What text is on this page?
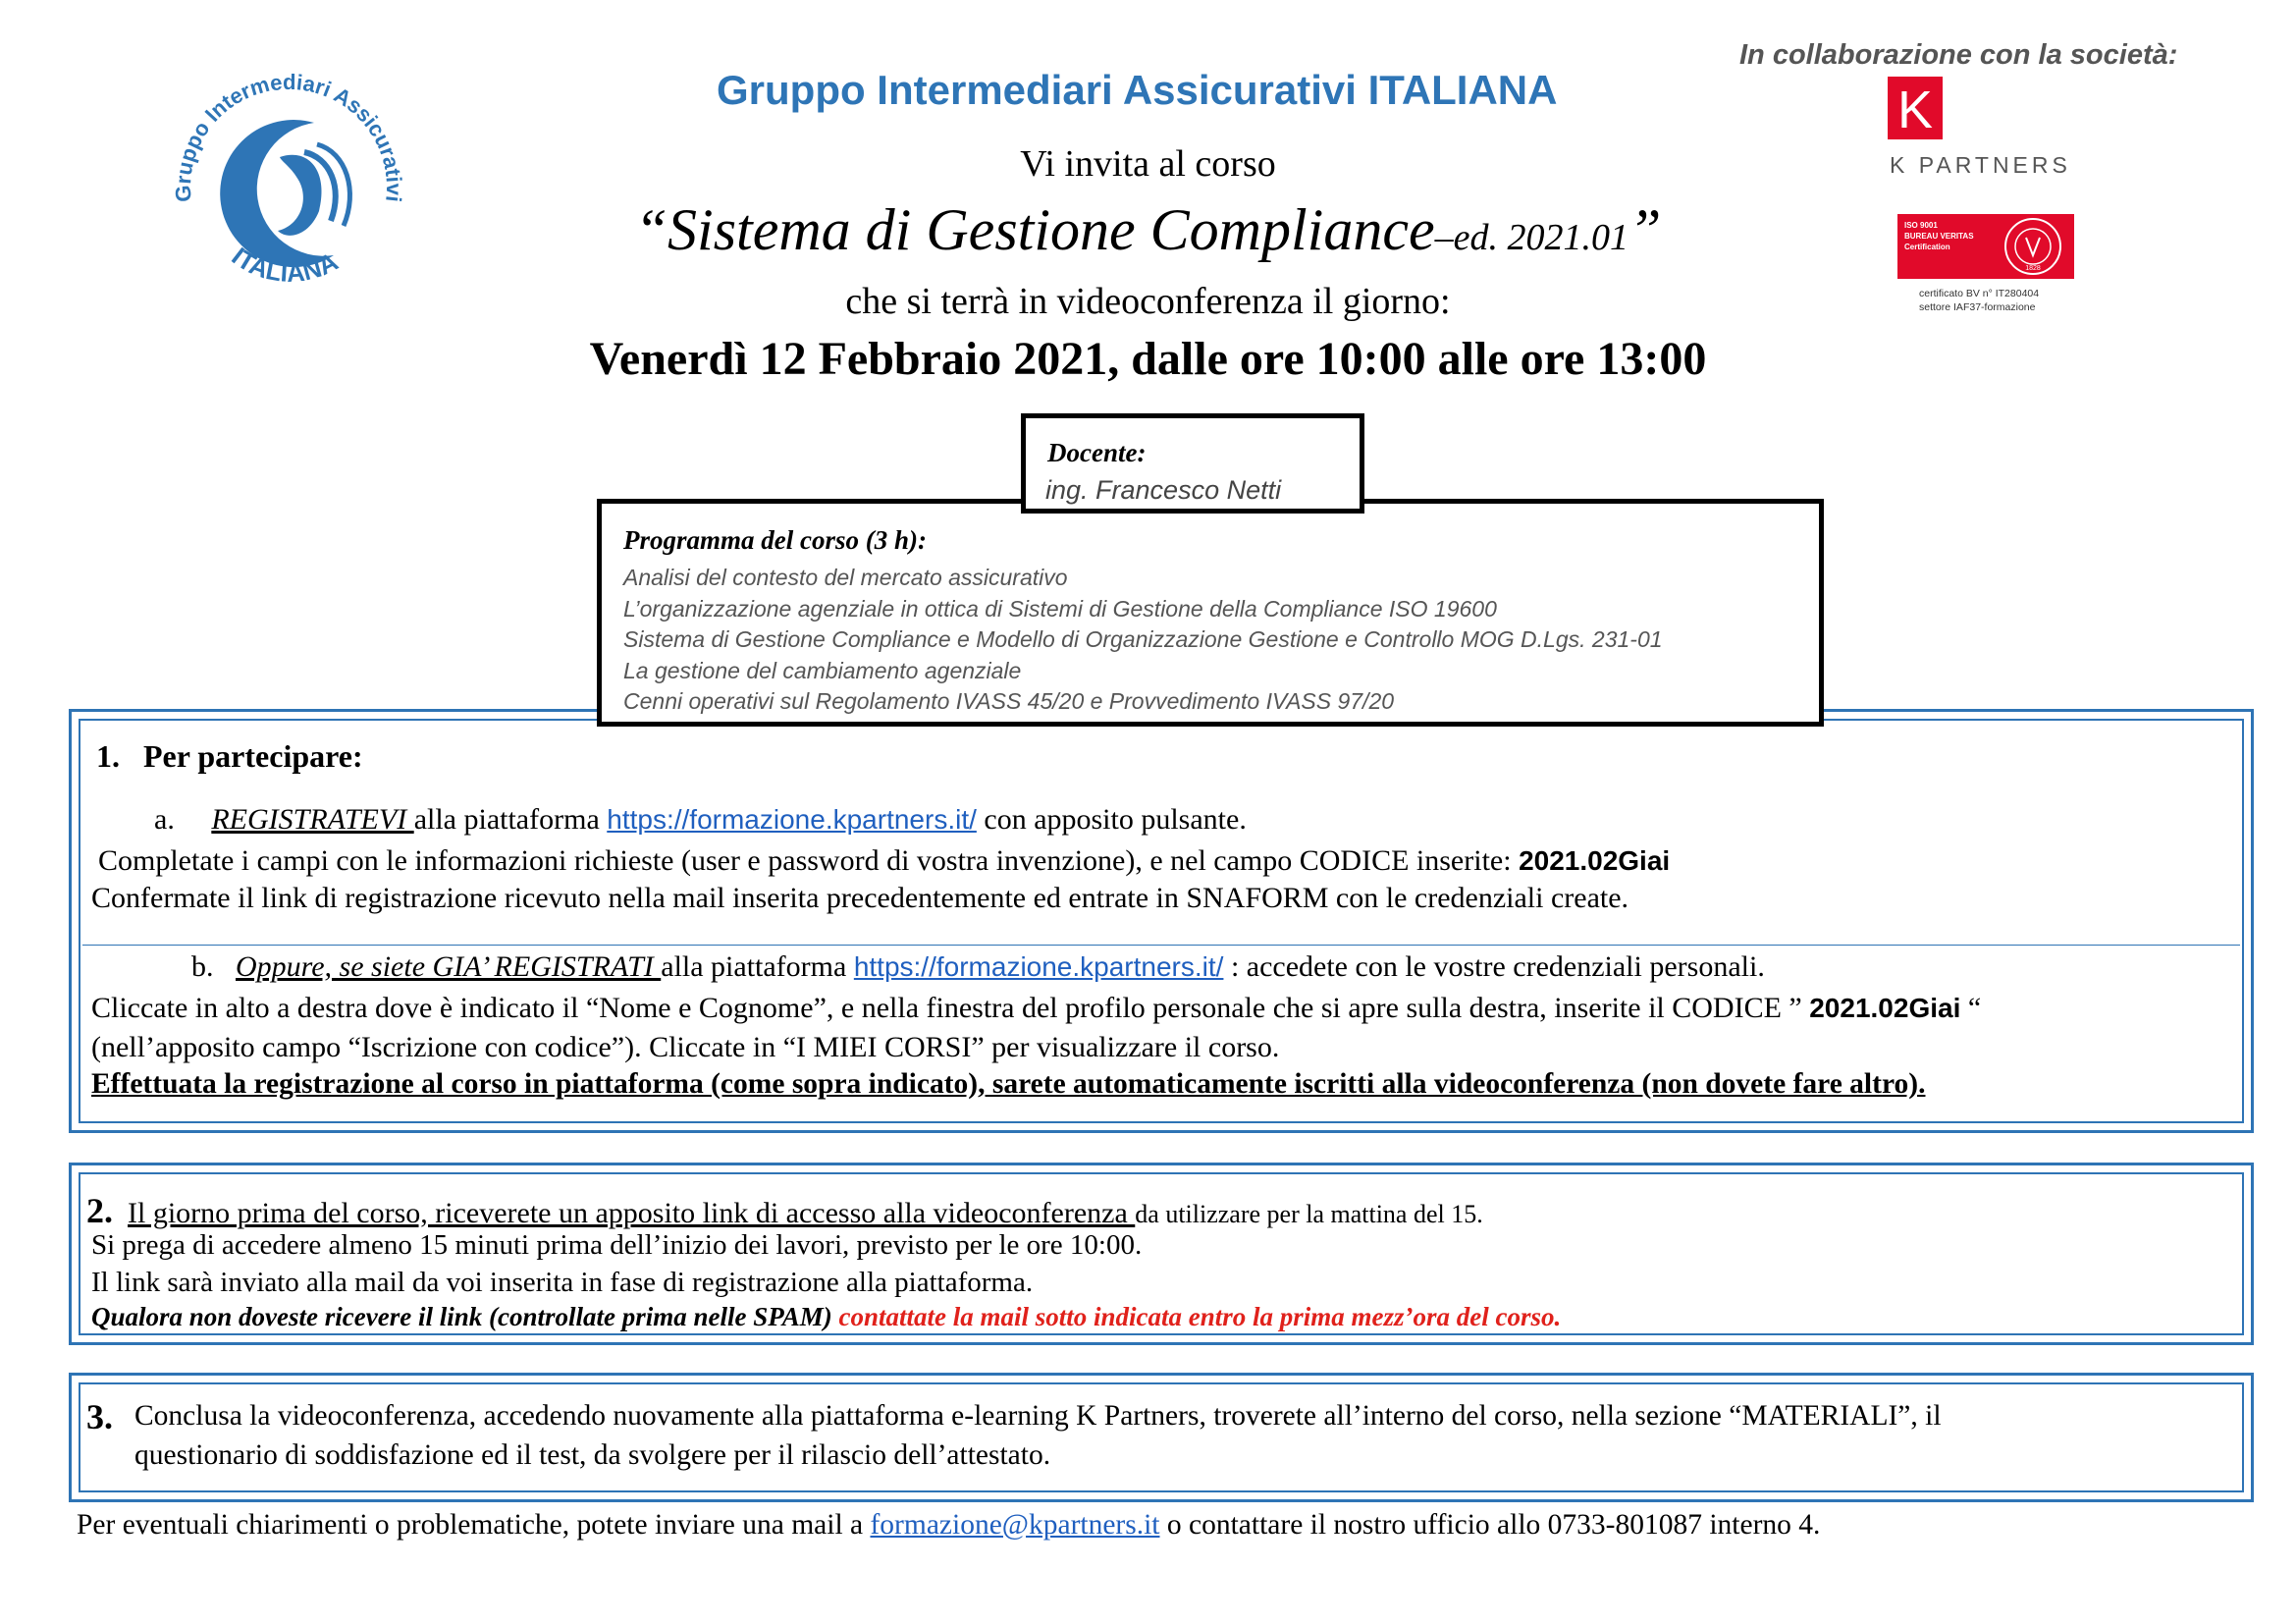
Gruppo Intermediari Assicurativi
ITALIANA
Gruppo Intermediari Assicurativi ITALIANA
Vi invita al corso
“Sistema di Gestione Compliance–ed. 2021.01”
che si terrà in videoconferenza il giorno:
Venerdì 12 Febbraio 2021, dalle ore 10:00 alle ore 13:00
In collaborazione con la società:
K
K PARTNERS
ISO 9001
BUREAU VERITAS
Certification
1828
certificato BV n° IT280404
settore IAF37-formazione
Docente:
ing. Francesco Netti
Programma del corso (3 h):
Analisi del contesto del mercato assicurativo
L’organizzazione agenziale in ottica di Sistemi di Gestione della Compliance ISO 19600
Sistema di Gestione Compliance e Modello di Organizzazione Gestione e Controllo MOG D.Lgs. 231-01
La gestione del cambiamento agenziale
Cenni operativi sul Regolamento IVASS 45/20 e Provvedimento IVASS 97/20
1. Per partecipare:
a. REGISTRATEVI alla piattaforma https://formazione.kpartners.it/ con apposito pulsante.
Completate i campi con le informazioni richieste (user e password di vostra invenzione), e nel campo CODICE inserite: 2021.02Giai
Confermate il link di registrazione ricevuto nella mail inserita precedentemente ed entrate in SNAFORM con le credenziali create.
b. Oppure, se siete GIA’ REGISTRATI alla piattaforma https://formazione.kpartners.it/ : accedete con le vostre credenziali personali.
Cliccate in alto a destra dove è indicato il “Nome e Cognome”, e nella finestra del profilo personale che si apre sulla destra, inserite il CODICE ” 2021.02Giai “
(nell’apposito campo “Iscrizione con codice”). Cliccate in “I MIEI CORSI” per visualizzare il corso.
Effettuata la registrazione al corso in piattaforma (come sopra indicato), sarete automaticamente iscritti alla videoconferenza (non dovete fare altro).
2. Il giorno prima del corso, riceverete un apposito link di accesso alla videoconferenza da utilizzare per la mattina del 15.
Si prega di accedere almeno 15 minuti prima dell’inizio dei lavori, previsto per le ore 10:00.
Il link sarà inviato alla mail da voi inserita in fase di registrazione alla piattaforma.
Qualora non doveste ricevere il link (controllate prima nelle SPAM) contattate la mail sotto indicata entro la prima mezz’ora del corso.
3. Conclusa la videoconferenza, accedendo nuovamente alla piattaforma e-learning K Partners, troverete all’interno del corso, nella sezione “MATERIALI”, il
questionario di soddisfazione ed il test, da svolgere per il rilascio dell’attestato.
Per eventuali chiarimenti o problematiche, potete inviare una mail a formazione@kpartners.it o contattare il nostro ufficio allo 0733-801087 interno 4.
